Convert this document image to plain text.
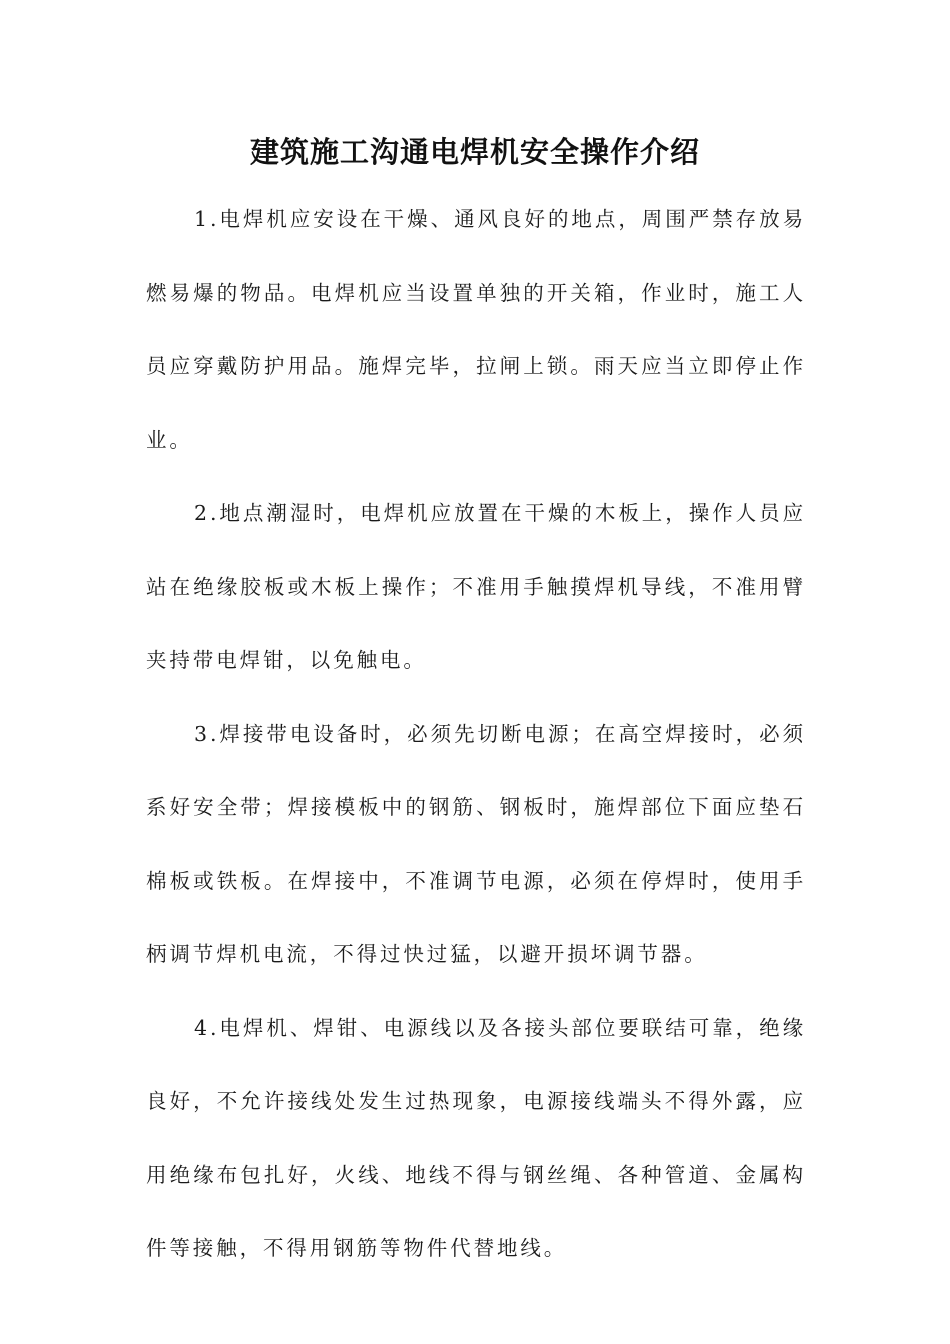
建筑施工沟通电焊机安全操作介绍

1.电焊机应安设在干燥、通风良好的地点，周围严禁存放易燃易爆的物品。电焊机应当设置单独的开关箱，作业时，施工人员应穿戴防护用品。施焊完毕，拉闸上锁。雨天应当立即停止作业。

2.地点潮湿时，电焊机应放置在干燥的木板上，操作人员应站在绝缘胶板或木板上操作；不准用手触摸焊机导线，不准用臂夹持带电焊钳，以免触电。

3.焊接带电设备时，必须先切断电源；在高空焊接时，必须系好安全带；焊接模板中的钢筋、钢板时，施焊部位下面应垫石棉板或铁板。在焊接中，不准调节电源，必须在停焊时，使用手柄调节焊机电流，不得过快过猛，以避开损坏调节器。

4.电焊机、焊钳、电源线以及各接头部位要联结可靠，绝缘良好，不允许接线处发生过热现象，电源接线端头不得外露，应用绝缘布包扎好，火线、地线不得与钢丝绳、各种管道、金属构件等接触，不得用钢筋等物件代替地线。
